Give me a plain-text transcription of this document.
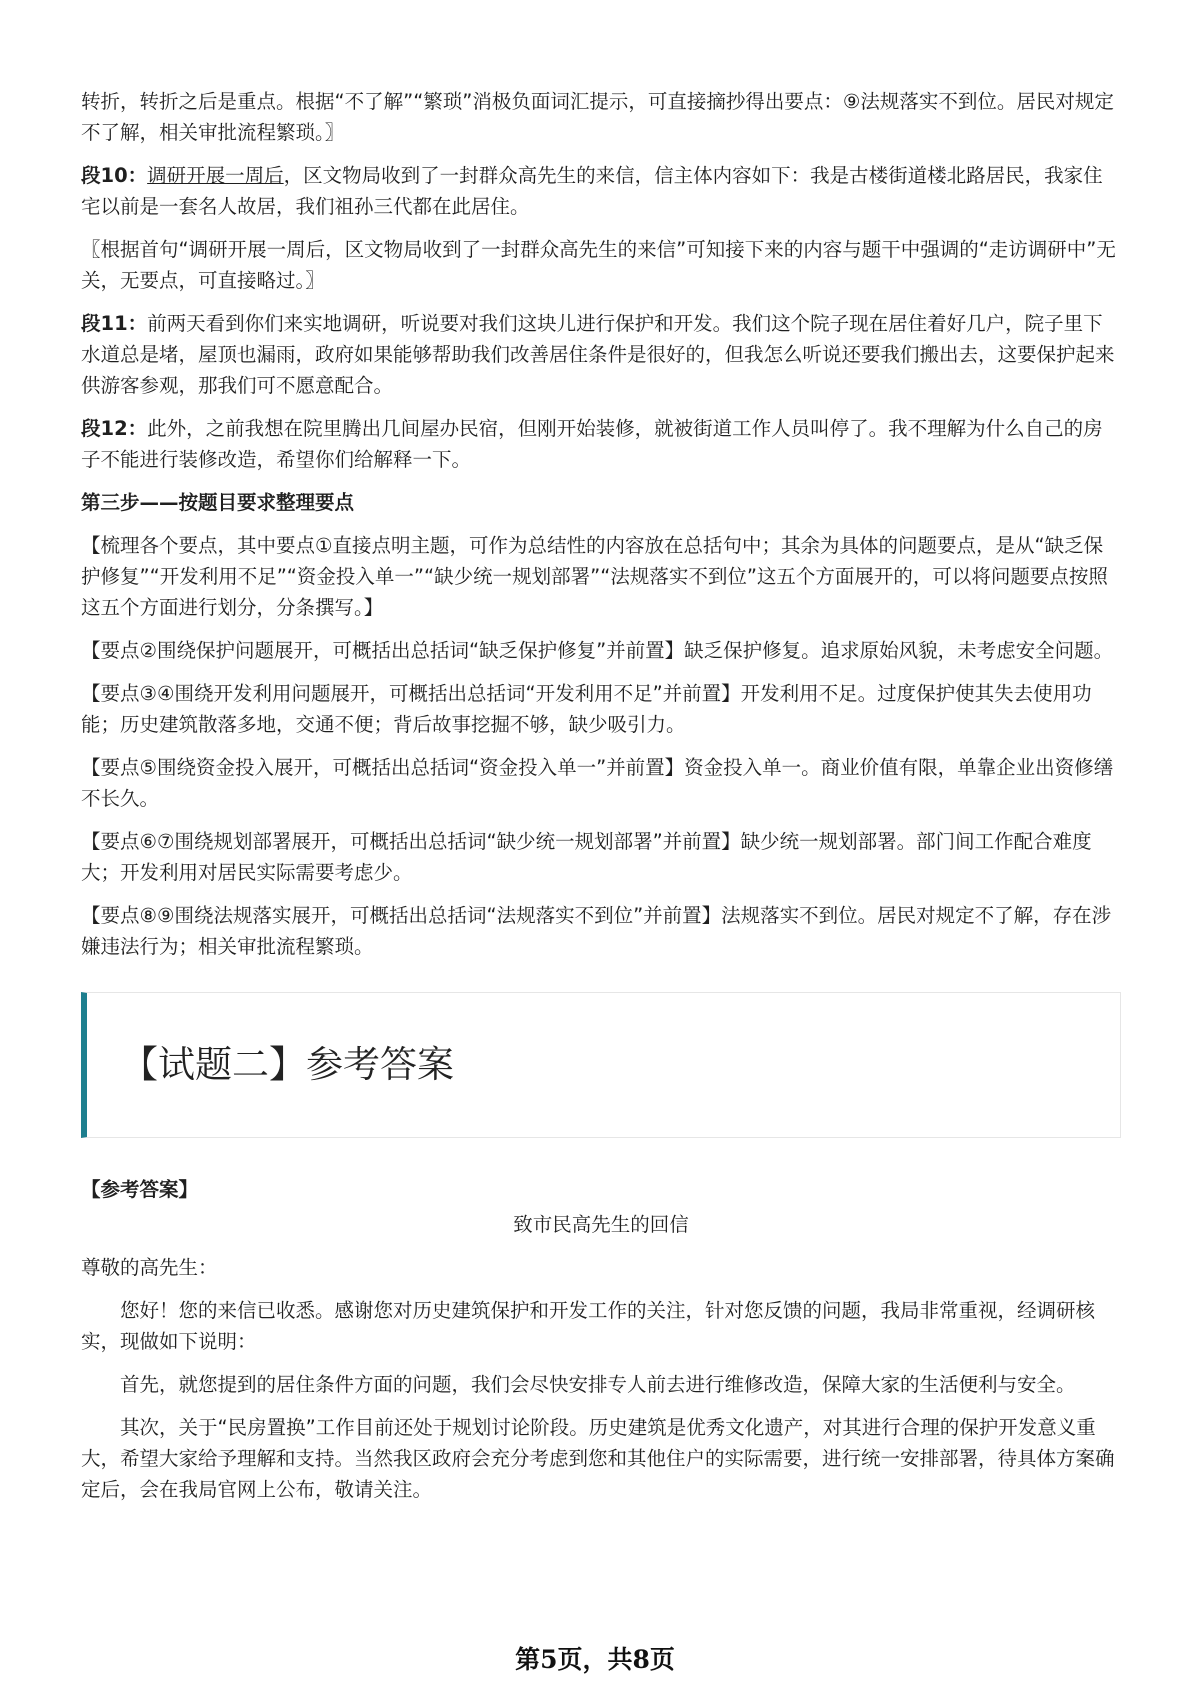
转折，转折之后是重点。根据“不了解”“繁琐”消极负面词汇提示，可直接摘抄得出要点：⑨法规落实不到位。居民对规定不了解，相关审批流程繁琐。〗

段10：调研开展一周后，区文物局收到了一封群众高先生的来信，信主体内容如下：我是古楼街道楼北路居民，我家住宅以前是一套名人故居，我们祖孙三代都在此居住。

〖根据首句“调研开展一周后，区文物局收到了一封群众高先生的来信”可知接下来的内容与题干中强调的“走访调研中”无关，无要点，可直接略过。〗

段11：前两天看到你们来实地调研，听说要对我们这块儿进行保护和开发。我们这个院子现在居住着好几户，院子里下水道总是堵，屋顶也漏雨，政府如果能够帮助我们改善居住条件是很好的，但我怎么听说还要我们搬出去，这要保护起来供游客参观，那我们可不愿意配合。

段12：此外，之前我想在院里腾出几间屋办民宿，但刚开始装修，就被街道工作人员叫停了。我不理解为什么自己的房子不能进行装修改造，希望你们给解释一下。

第三步——按题目要求整理要点

【梳理各个要点，其中要点①直接点明主题，可作为总结性的内容放在总括句中；其余为具体的问题要点，是从“缺乏保护修复”“开发利用不足”“资金投入单一”“缺少统一规划部署”“法规落实不到位”这五个方面展开的，可以将问题要点按照这五个方面进行划分，分条撰写。】

【要点②围绕保护问题展开，可概括出总括词“缺乏保护修复”并前置】缺乏保护修复。追求原始风貌，未考虑安全问题。

【要点③④围绕开发利用问题展开，可概括出总括词“开发利用不足”并前置】开发利用不足。过度保护使其失去使用功能；历史建筑散落多地，交通不便；背后故事挖掘不够，缺少吸引力。

【要点⑤围绕资金投入展开，可概括出总括词“资金投入单一”并前置】资金投入单一。商业价值有限，单靠企业出资修缮不长久。

【要点⑥⑦围绕规划部署展开，可概括出总括词“缺少统一规划部署”并前置】缺少统一规划部署。部门间工作配合难度大；开发利用对居民实际需要考虑少。

【要点⑧⑨围绕法规落实展开，可概括出总括词“法规落实不到位”并前置】法规落实不到位。居民对规定不了解，存在涉嫌违法行为；相关审批流程繁琐。

【试题二】参考答案

【参考答案】

致市民高先生的回信

尊敬的高先生：

您好！您的来信已收悉。感谢您对历史建筑保护和开发工作的关注，针对您反馈的问题，我局非常重视，经调研核实，现做如下说明：

首先，就您提到的居住条件方面的问题，我们会尽快安排专人前去进行维修改造，保障大家的生活便利与安全。

其次，关于“民房置换”工作目前还处于规划讨论阶段。历史建筑是优秀文化遗产，对其进行合理的保护开发意义重大，希望大家给予理解和支持。当然我区政府会充分考虑到您和其他住户的实际需要，进行统一安排部署，待具体方案确定后，会在我局官网上公布，敬请关注。

第5页，共8页
